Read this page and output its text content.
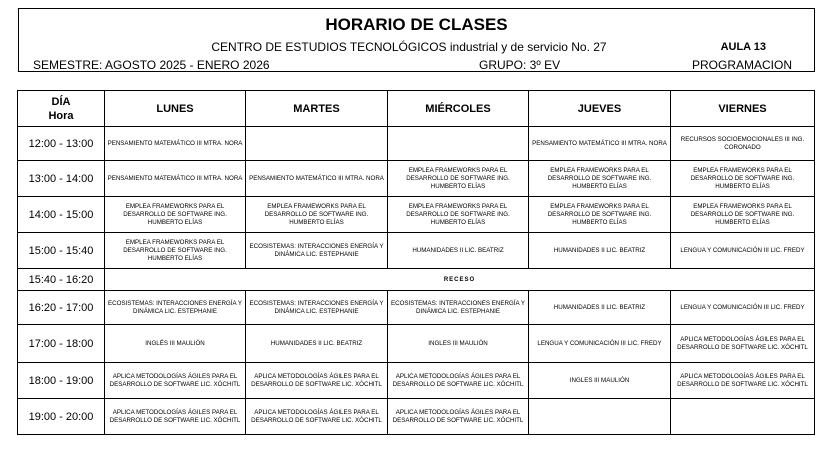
HORARIO DE CLASES
CENTRO DE ESTUDIOS TECNOLÓGICOS industrial y de servicio No. 27	AULA 13
SEMESTRE: AGOSTO 2025 - ENERO 2026	GRUPO: 3º EV	PROGRAMACION
DÍA
Hora	LUNES	MARTES	MIÉRCOLES	JUEVES	VIERNES
12:00 - 13:00	PENSAMIENTO MATEMÁTICO III MTRA. NORA			PENSAMIENTO MATEMÁTICO III MTRA. NORA	RECURSOS SOCIOEMOCIONALES III ING. CORONADO
13:00 - 14:00	PENSAMIENTO MATEMÁTICO III MTRA. NORA	PENSAMIENTO MATEMÁTICO III MTRA. NORA	EMPLEA FRAMEWORKS PARA EL DESARROLLO DE SOFTWARE ING. HUMBERTO ELÍAS	EMPLEA FRAMEWORKS PARA EL DESARROLLO DE SOFTWARE ING. HUMBERTO ELÍAS	EMPLEA FRAMEWORKS PARA EL DESARROLLO DE SOFTWARE ING. HUMBERTO ELÍAS
14:00 - 15:00	EMPLEA FRAMEWORKS PARA EL DESARROLLO DE SOFTWARE ING. HUMBERTO ELÍAS	EMPLEA FRAMEWORKS PARA EL DESARROLLO DE SOFTWARE ING. HUMBERTO ELÍAS	EMPLEA FRAMEWORKS PARA EL DESARROLLO DE SOFTWARE ING. HUMBERTO ELÍAS	EMPLEA FRAMEWORKS PARA EL DESARROLLO DE SOFTWARE ING. HUMBERTO ELÍAS	EMPLEA FRAMEWORKS PARA EL DESARROLLO DE SOFTWARE ING. HUMBERTO ELÍAS
15:00 - 15:40	EMPLEA FRAMEWORKS PARA EL DESARROLLO DE SOFTWARE ING. HUMBERTO ELÍAS	ECOSISTEMAS: INTERACCIONES ENERGÍA Y DINÁMICA LIC. ESTEPHANIE	HUMANIDADES II LIC. BEATRIZ	HUMANIDADES II LIC. BEATRIZ	LENGUA Y COMUNICACIÓN III LIC. FREDY
15:40 - 16:20	RECESO				
16:20 - 17:00	ECOSISTEMAS: INTERACCIONES ENERGÍA Y DINÁMICA LIC. ESTEPHANIE	ECOSISTEMAS: INTERACCIONES ENERGÍA Y DINÁMICA LIC. ESTEPHANIE	ECOSISTEMAS: INTERACCIONES ENERGÍA Y DINÁMICA LIC. ESTEPHANIE	HUMANIDADES II LIC. BEATRIZ	LENGUA Y COMUNICACIÓN III LIC. FREDY
17:00 - 18:00	INGLÉS III MAULIÓN	HUMANIDADES II LIC. BEATRIZ	INGLES III MAULIÓN	LENGUA Y COMUNICACIÓN III LIC. FREDY	APLICA METODOLOGÍAS ÁGILES PARA EL DESARROLLO DE SOFTWARE LIC. XÓCHITL
18:00 - 19:00	APLICA METODOLOGÍAS ÁGILES PARA EL DESARROLLO DE SOFTWARE LIC. XÓCHITL	APLICA METODOLOGÍAS ÁGILES PARA EL DESARROLLO DE SOFTWARE LIC. XÓCHITL	APLICA METODOLOGÍAS ÁGILES PARA EL DESARROLLO DE SOFTWARE LIC. XÓCHITL	INGLES III MAULIÓN	APLICA METODOLOGÍAS ÁGILES PARA EL DESARROLLO DE SOFTWARE LIC. XÓCHITL
19:00 - 20:00	APLICA METODOLOGÍAS ÁGILES PARA EL DESARROLLO DE SOFTWARE LIC. XÓCHITL	APLICA METODOLOGÍAS ÁGILES PARA EL DESARROLLO DE SOFTWARE LIC. XÓCHITL	APLICA METODOLOGÍAS ÁGILES PARA EL DESARROLLO DE SOFTWARE LIC. XÓCHITL		
